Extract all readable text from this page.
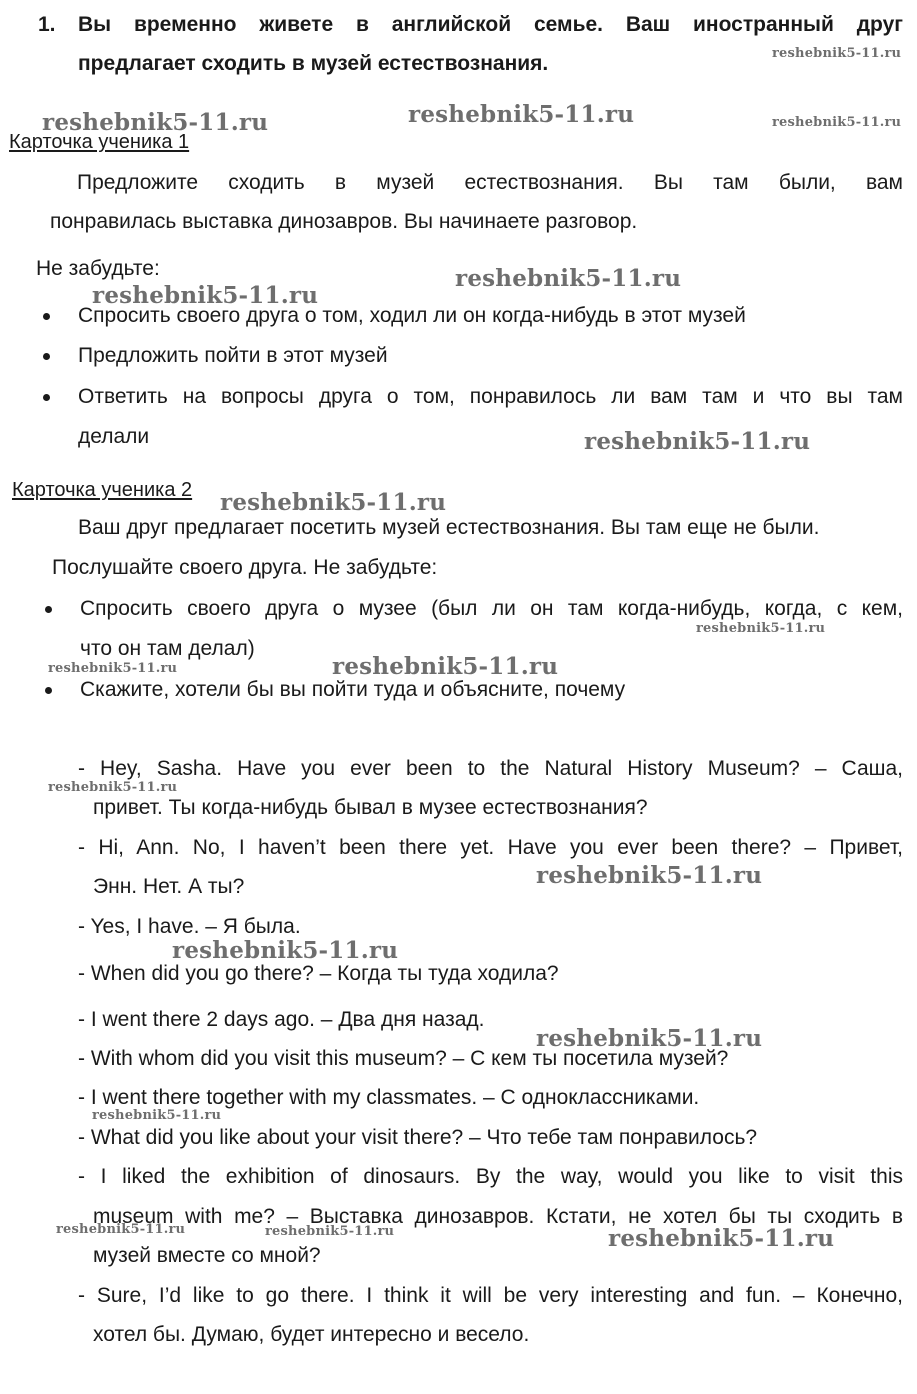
1. Вы временно живете в английской семье. Ваш иностранный друг
предлагает сходить в музей естествознания.
Карточка ученика 1
Предложите сходить в музей естествознания. Вы там были, вам
понравилась выставка динозавров. Вы начинаете разговор.
Не забудьте:
Спросить своего друга о том, ходил ли он когда-нибудь в этот музей
Предложить пойти в этот музей
Ответить на вопросы друга о том, понравилось ли вам там и что вы там
делали
Карточка ученика 2
Ваш друг предлагает посетить музей естествознания. Вы там еще не были.
Послушайте своего друга. Не забудьте:
Спросить своего друга о музее (был ли он там когда-нибудь, когда, с кем,
что он там делал)
Скажите, хотели бы вы пойти туда и объясните, почему
- Hey, Sasha. Have you ever been to the Natural History Museum? – Саша,
привет. Ты когда-нибудь бывал в музее естествознания?
- Hi, Ann. No, I haven’t been there yet. Have you ever been there? – Привет,
Энн. Нет. А ты?
- Yes, I have. – Я была.
- When did you go there? – Когда ты туда ходила?
- I went there 2 days ago. – Два дня назад.
- With whom did you visit this museum? – С кем ты посетила музей?
- I went there together with my classmates. – С одноклассниками.
- What did you like about your visit there? – Что тебе там понравилось?
- I liked the exhibition of dinosaurs. By the way, would you like to visit this
museum with me? – Выставка динозавров. Кстати, не хотел бы ты сходить в
музей вместе со мной?
- Sure, I’d like to go there. I think it will be very interesting and fun. – Конечно,
хотел бы. Думаю, будет интересно и весело.
reshebnik5-11.ru
reshebnik5-11.ru	reshebnik5-11.ru	reshebnik5-11.ru
reshebnik5-11.ru
reshebnik5-11.ru
reshebnik5-11.ru
reshebnik5-11.ru
reshebnik5-11.ru
reshebnik5-11.ru
reshebnik5-11.ru
reshebnik5-11.ru
reshebnik5-11.ru
reshebnik5-11.ru
reshebnik5-11.ru
reshebnik5-11.ru
reshebnik5-11.ru	reshebnik5-11.ru	reshebnik5-11.ru
